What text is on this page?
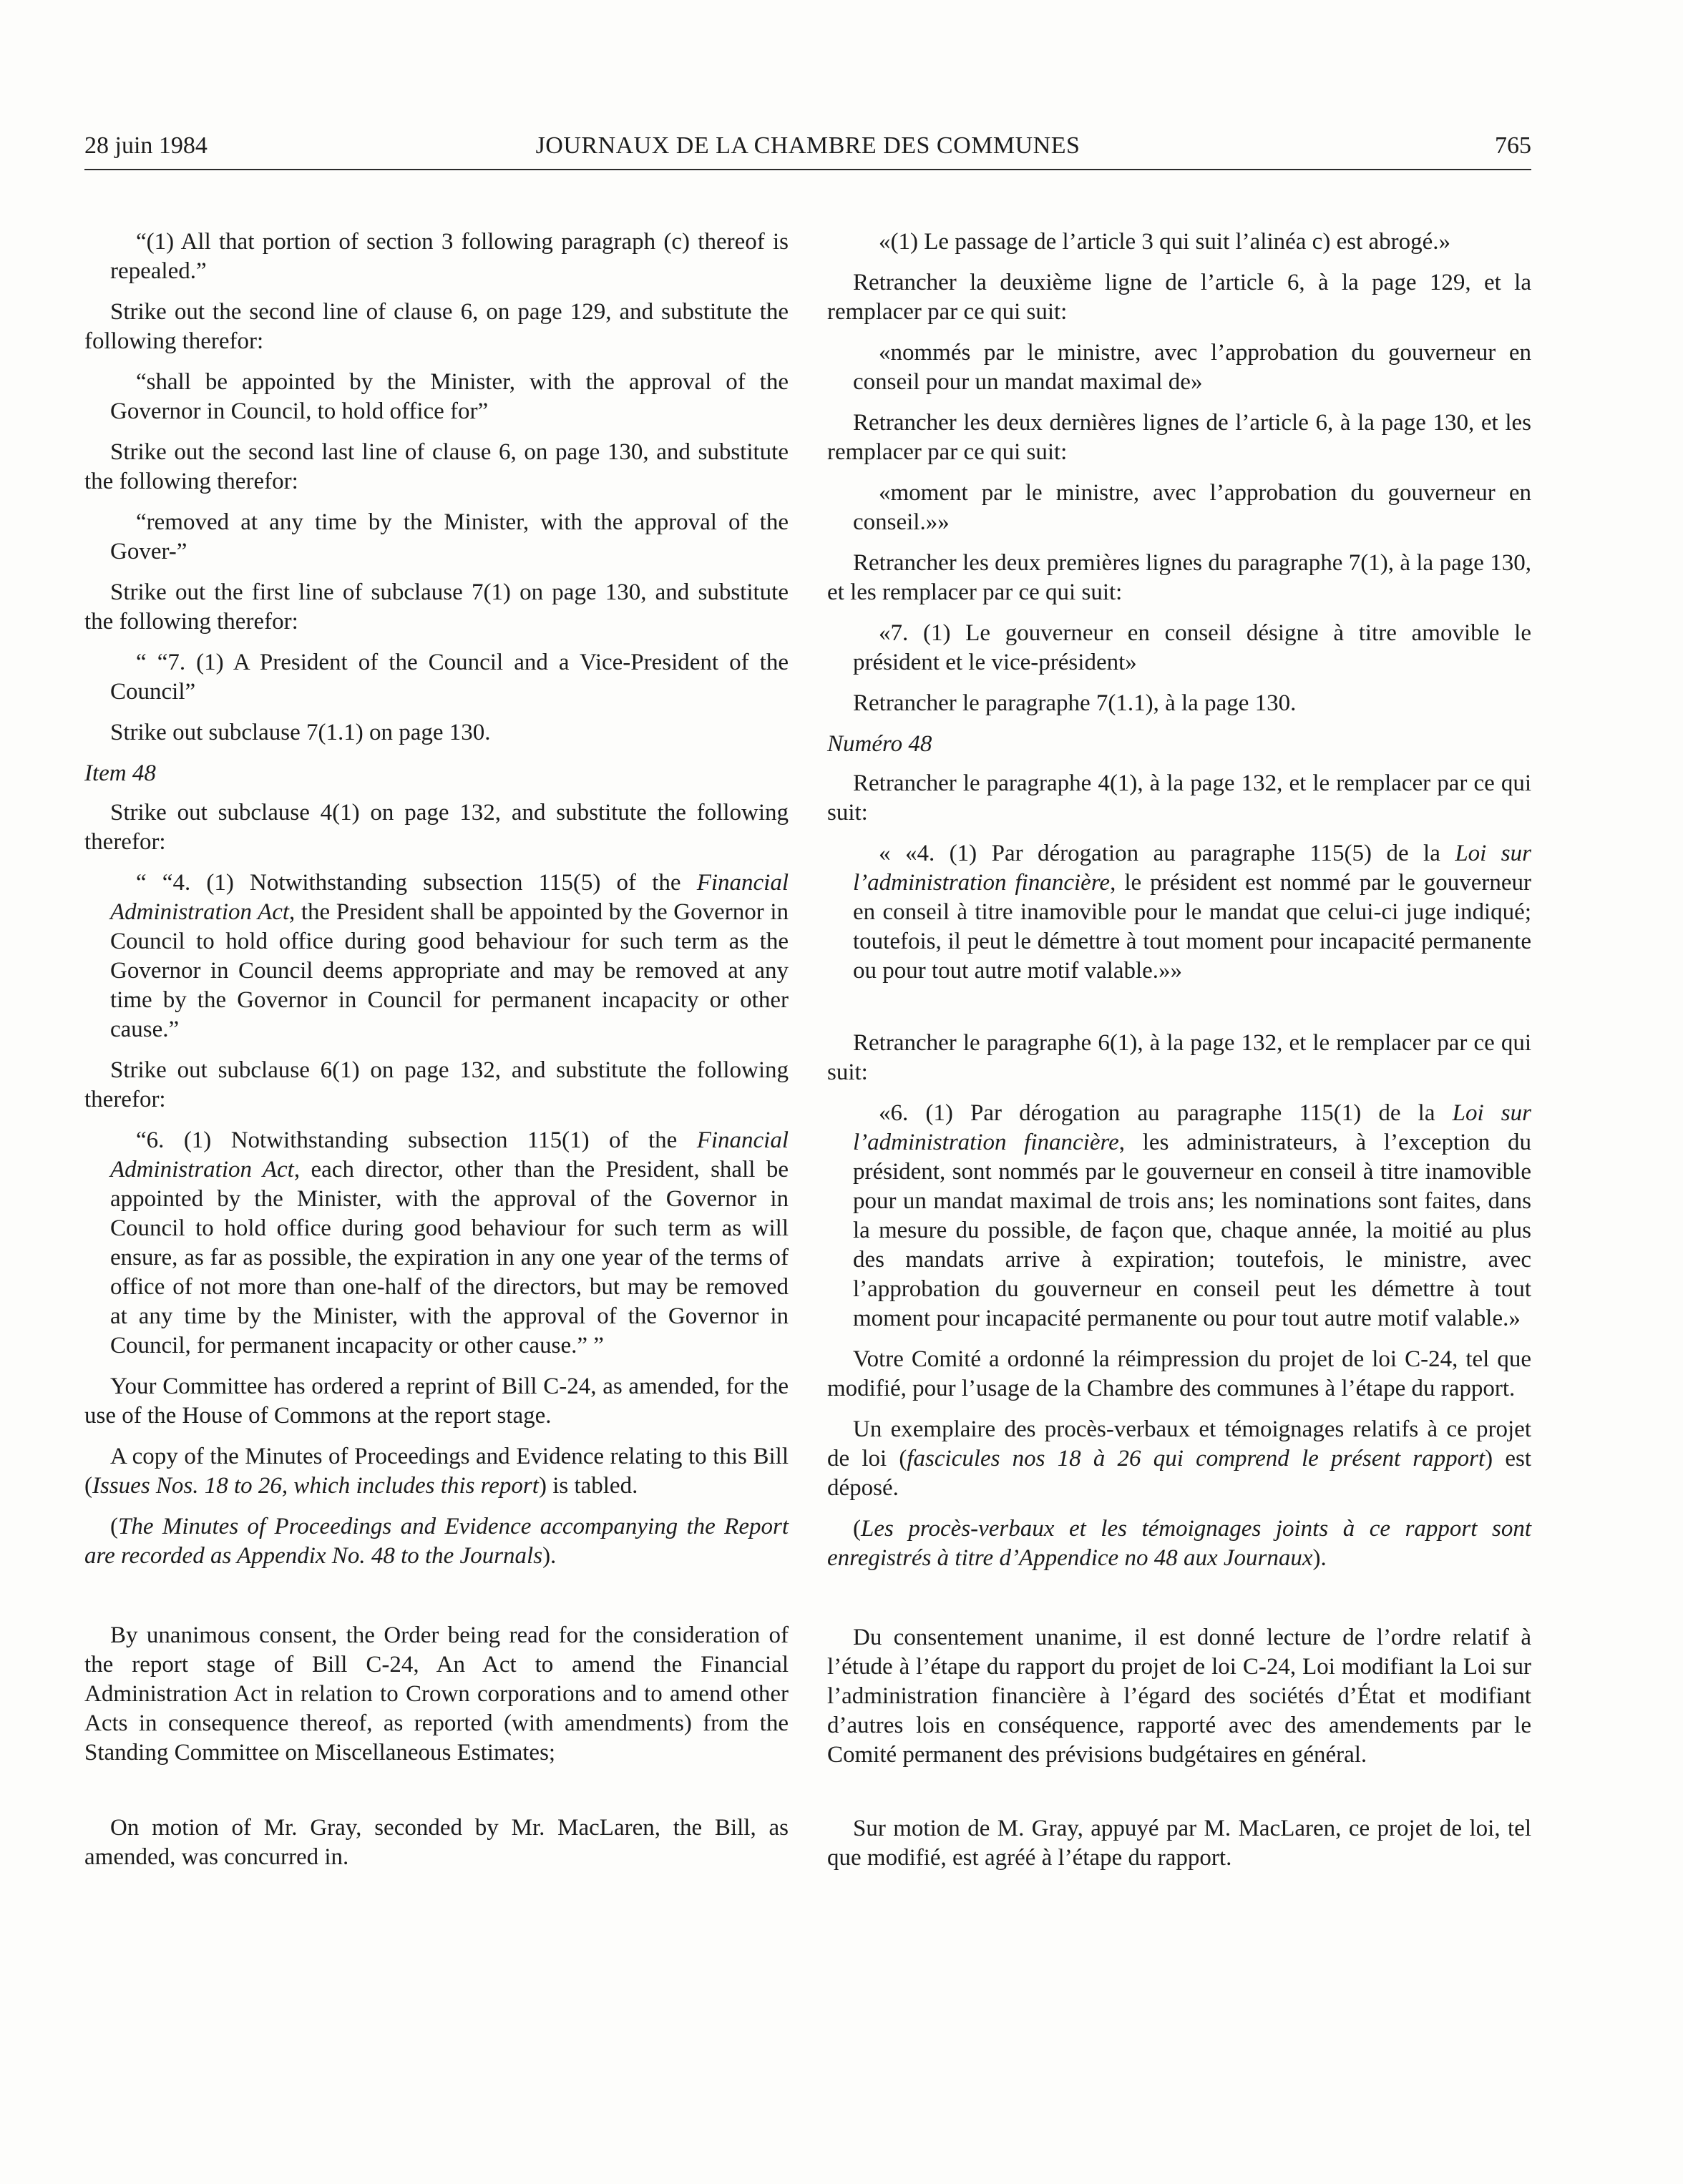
28 juin 1984	JOURNAUX DE LA CHAMBRE DES COMMUNES	765

“(1) All that portion of section 3 following paragraph (c) thereof is repealed.”

Strike out the second line of clause 6, on page 129, and substitute the following therefor:

“shall be appointed by the Minister, with the approval of the Governor in Council, to hold office for”

Strike out the second last line of clause 6, on page 130, and substitute the following therefor:

“removed at any time by the Minister, with the approval of the Gover-”

Strike out the first line of subclause 7(1) on page 130, and substitute the following therefor:

“ “7. (1) A President of the Council and a Vice-President of the Council”

Strike out subclause 7(1.1) on page 130.

Item 48

Strike out subclause 4(1) on page 132, and substitute the following therefor:

“ “4. (1) Notwithstanding subsection 115(5) of the Financial Administration Act, the President shall be appointed by the Governor in Council to hold office during good behaviour for such term as the Governor in Council deems appropriate and may be removed at any time by the Governor in Council for permanent incapacity or other cause.”

Strike out subclause 6(1) on page 132, and substitute the following therefor:

“6. (1) Notwithstanding subsection 115(1) of the Financial Administration Act, each director, other than the President, shall be appointed by the Minister, with the approval of the Governor in Council to hold office during good behaviour for such term as will ensure, as far as possible, the expiration in any one year of the terms of office of not more than one-half of the directors, but may be removed at any time by the Minister, with the approval of the Governor in Council, for permanent incapacity or other cause.” ”

Your Committee has ordered a reprint of Bill C-24, as amended, for the use of the House of Commons at the report stage.

A copy of the Minutes of Proceedings and Evidence relating to this Bill (Issues Nos. 18 to 26, which includes this report) is tabled.

(The Minutes of Proceedings and Evidence accompanying the Report are recorded as Appendix No. 48 to the Journals).

By unanimous consent, the Order being read for the consideration of the report stage of Bill C-24, An Act to amend the Financial Administration Act in relation to Crown corporations and to amend other Acts in consequence thereof, as reported (with amendments) from the Standing Committee on Miscellaneous Estimates;

On motion of Mr. Gray, seconded by Mr. MacLaren, the Bill, as amended, was concurred in.

«(1) Le passage de l’article 3 qui suit l’alinéa c) est abrogé.»

Retrancher la deuxième ligne de l’article 6, à la page 129, et la remplacer par ce qui suit:

«nommés par le ministre, avec l’approbation du gouverneur en conseil pour un mandat maximal de»

Retrancher les deux dernières lignes de l’article 6, à la page 130, et les remplacer par ce qui suit:

«moment par le ministre, avec l’approbation du gouverneur en conseil.»»

Retrancher les deux premières lignes du paragraphe 7(1), à la page 130, et les remplacer par ce qui suit:

«7. (1) Le gouverneur en conseil désigne à titre amovible le président et le vice-président»

Retrancher le paragraphe 7(1.1), à la page 130.

Numéro 48

Retrancher le paragraphe 4(1), à la page 132, et le remplacer par ce qui suit:

« «4. (1) Par dérogation au paragraphe 115(5) de la Loi sur l’administration financière, le président est nommé par le gouverneur en conseil à titre inamovible pour le mandat que celui-ci juge indiqué; toutefois, il peut le démettre à tout moment pour incapacité permanente ou pour tout autre motif valable.»»

Retrancher le paragraphe 6(1), à la page 132, et le remplacer par ce qui suit:

«6. (1) Par dérogation au paragraphe 115(1) de la Loi sur l’administration financière, les administrateurs, à l’exception du président, sont nommés par le gouverneur en conseil à titre inamovible pour un mandat maximal de trois ans; les nominations sont faites, dans la mesure du possible, de façon que, chaque année, la moitié au plus des mandats arrive à expiration; toutefois, le ministre, avec l’approbation du gouverneur en conseil peut les démettre à tout moment pour incapacité permanente ou pour tout autre motif valable.»

Votre Comité a ordonné la réimpression du projet de loi C-24, tel que modifié, pour l’usage de la Chambre des communes à l’étape du rapport.

Un exemplaire des procès-verbaux et témoignages relatifs à ce projet de loi (fascicules nos 18 à 26 qui comprend le présent rapport) est déposé.

(Les procès-verbaux et les témoignages joints à ce rapport sont enregistrés à titre d’Appendice no 48 aux Journaux).

Du consentement unanime, il est donné lecture de l’ordre relatif à l’étude à l’étape du rapport du projet de loi C-24, Loi modifiant la Loi sur l’administration financière à l’égard des sociétés d’État et modifiant d’autres lois en conséquence, rapporté avec des amendements par le Comité permanent des prévisions budgétaires en général.

Sur motion de M. Gray, appuyé par M. MacLaren, ce projet de loi, tel que modifié, est agréé à l’étape du rapport.
